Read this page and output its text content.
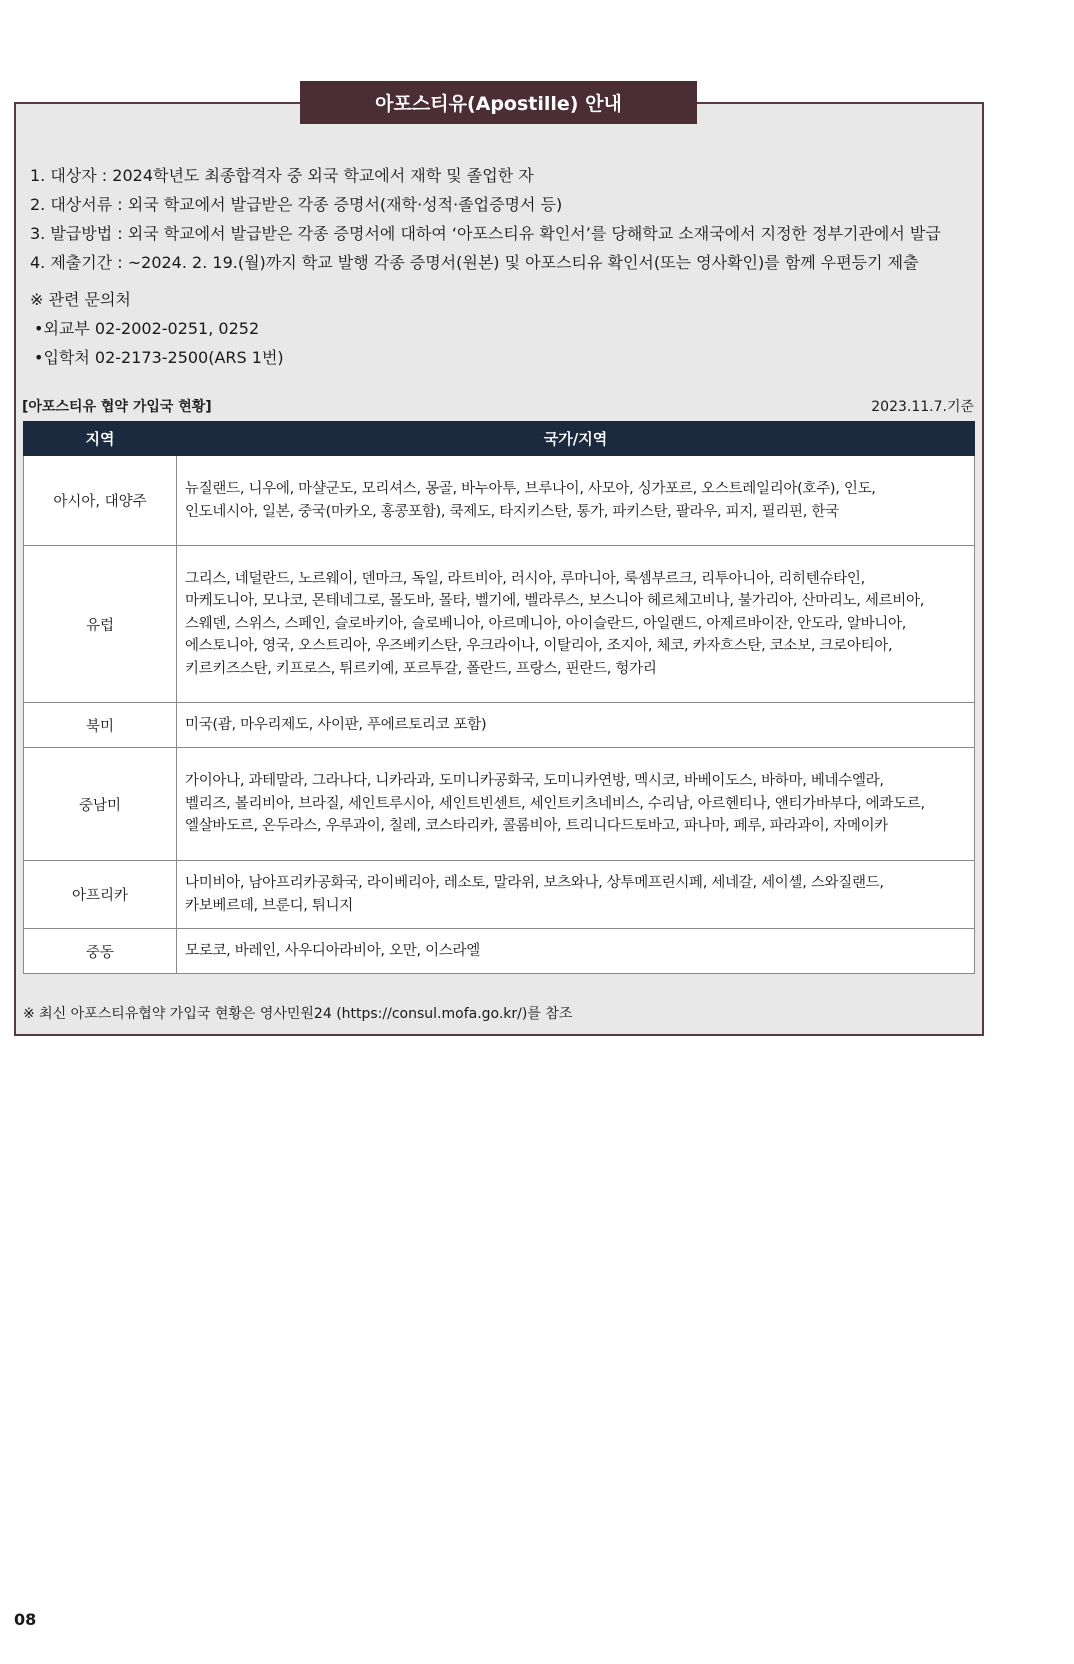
아포스티유(Apostille) 안내
1. 대상자 : 2024학년도 최종합격자 중 외국 학교에서 재학 및 졸업한 자
2. 대상서류 : 외국 학교에서 발급받은 각종 증명서(재학·성적·졸업증명서 등)
3. 발급방법 : 외국 학교에서 발급받은 각종 증명서에 대하여 ‘아포스티유 확인서’를 당해학교 소재국에서 지정한 정부기관에서 발급
4. 제출기간 : ~2024. 2. 19.(월)까지 학교 발행 각종 증명서(원본) 및 아포스티유 확인서(또는 영사확인)를 함께 우편등기 제출
※ 관련 문의처
•외교부 02-2002-0251, 0252
•입학처 02-2173-2500(ARS 1번)
[아포스티유 협약 가입국 현황]	2023.11.7.기준
지역	국가/지역
아시아, 대양주	뉴질랜드, 니우에, 마샬군도, 모리셔스, 몽골, 바누아투, 브루나이, 사모아, 싱가포르, 오스트레일리아(호주), 인도,
인도네시아, 일본, 중국(마카오, 홍콩포함), 쿡제도, 타지키스탄, 통가, 파키스탄, 팔라우, 피지, 필리핀, 한국

유럽	그리스, 네덜란드, 노르웨이, 덴마크, 독일, 라트비아, 러시아, 루마니아, 룩셈부르크, 리투아니아, 리히텐슈타인,
마케도니아, 모나코, 몬테네그로, 몰도바, 몰타, 벨기에, 벨라루스, 보스니아 헤르체고비나, 불가리아, 산마리노, 세르비아,
스웨덴, 스위스, 스페인, 슬로바키아, 슬로베니아, 아르메니아, 아이슬란드, 아일랜드, 아제르바이잔, 안도라, 알바니아,
에스토니아, 영국, 오스트리아, 우즈베키스탄, 우크라이나, 이탈리아, 조지아, 체코, 카자흐스탄, 코소보, 크로아티아,
키르키즈스탄, 키프로스, 튀르키예, 포르투갈, 폴란드, 프랑스, 핀란드, 헝가리

북미	미국(괌, 마우리제도, 사이판, 푸에르토리코 포함)

중남미	가이아나, 과테말라, 그라나다, 니카라과, 도미니카공화국, 도미니카연방, 멕시코, 바베이도스, 바하마, 베네수엘라,
벨리즈, 볼리비아, 브라질, 세인트루시아, 세인트빈센트, 세인트키츠네비스, 수리남, 아르헨티나, 앤티가바부다, 에콰도르,
엘살바도르, 온두라스, 우루과이, 칠레, 코스타리카, 콜롬비아, 트리니다드토바고, 파나마, 페루, 파라과이, 자메이카

아프리카	나미비아, 남아프리카공화국, 라이베리아, 레소토, 말라위, 보츠와나, 상투메프린시페, 세네갈, 세이셸, 스와질랜드,
카보베르데, 브룬디, 튀니지

중동	모로코, 바레인, 사우디아라비아, 오만, 이스라엘
※ 최신 아포스티유협약 가입국 현황은 영사민원24 (https://consul.mofa.go.kr/)를 참조
08
